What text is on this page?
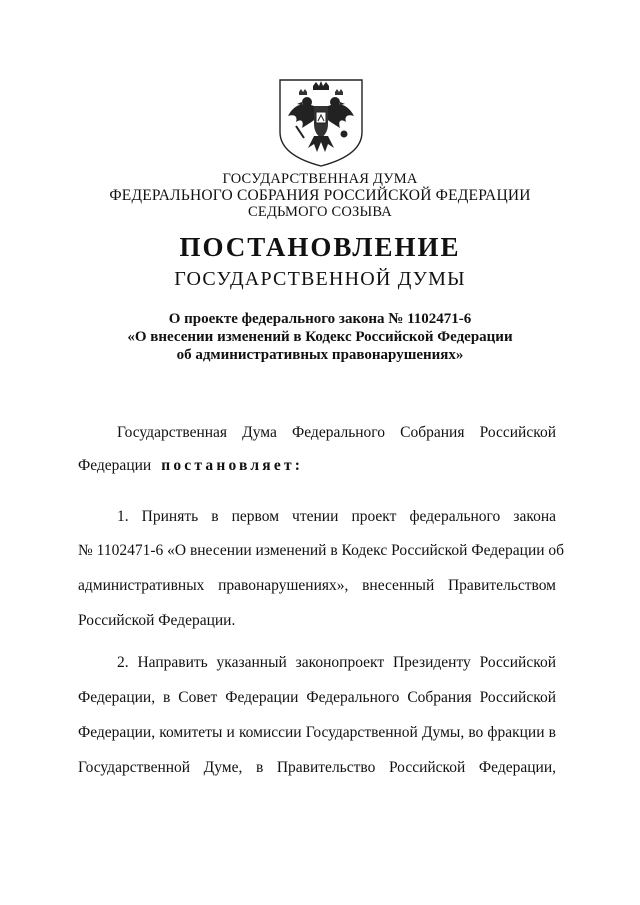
ГОСУДАРСТВЕННАЯ ДУМА
ФЕДЕРАЛЬНОГО СОБРАНИЯ РОССИЙСКОЙ ФЕДЕРАЦИИ
СЕДЬМОГО СОЗЫВА
ПОСТАНОВЛЕНИЕ
ГОСУДАРСТВЕННОЙ ДУМЫ
О проекте федерального закона № 1102471-6
«О внесении изменений в Кодекс Российской Федерации
об административных правонарушениях»
Государственная Дума Федерального Собрания Российской
Федерации постановляет:
1. Принять в первом чтении проект федерального закона
№ 1102471-6 «О внесении изменений в Кодекс Российской Федерации об
административных правонарушениях», внесенный Правительством
Российской Федерации.
2. Направить указанный законопроект Президенту Российской
Федерации, в Совет Федерации Федерального Собрания Российской
Федерации, комитеты и комиссии Государственной Думы, во фракции в
Государственной Думе, в Правительство Российской Федерации,
